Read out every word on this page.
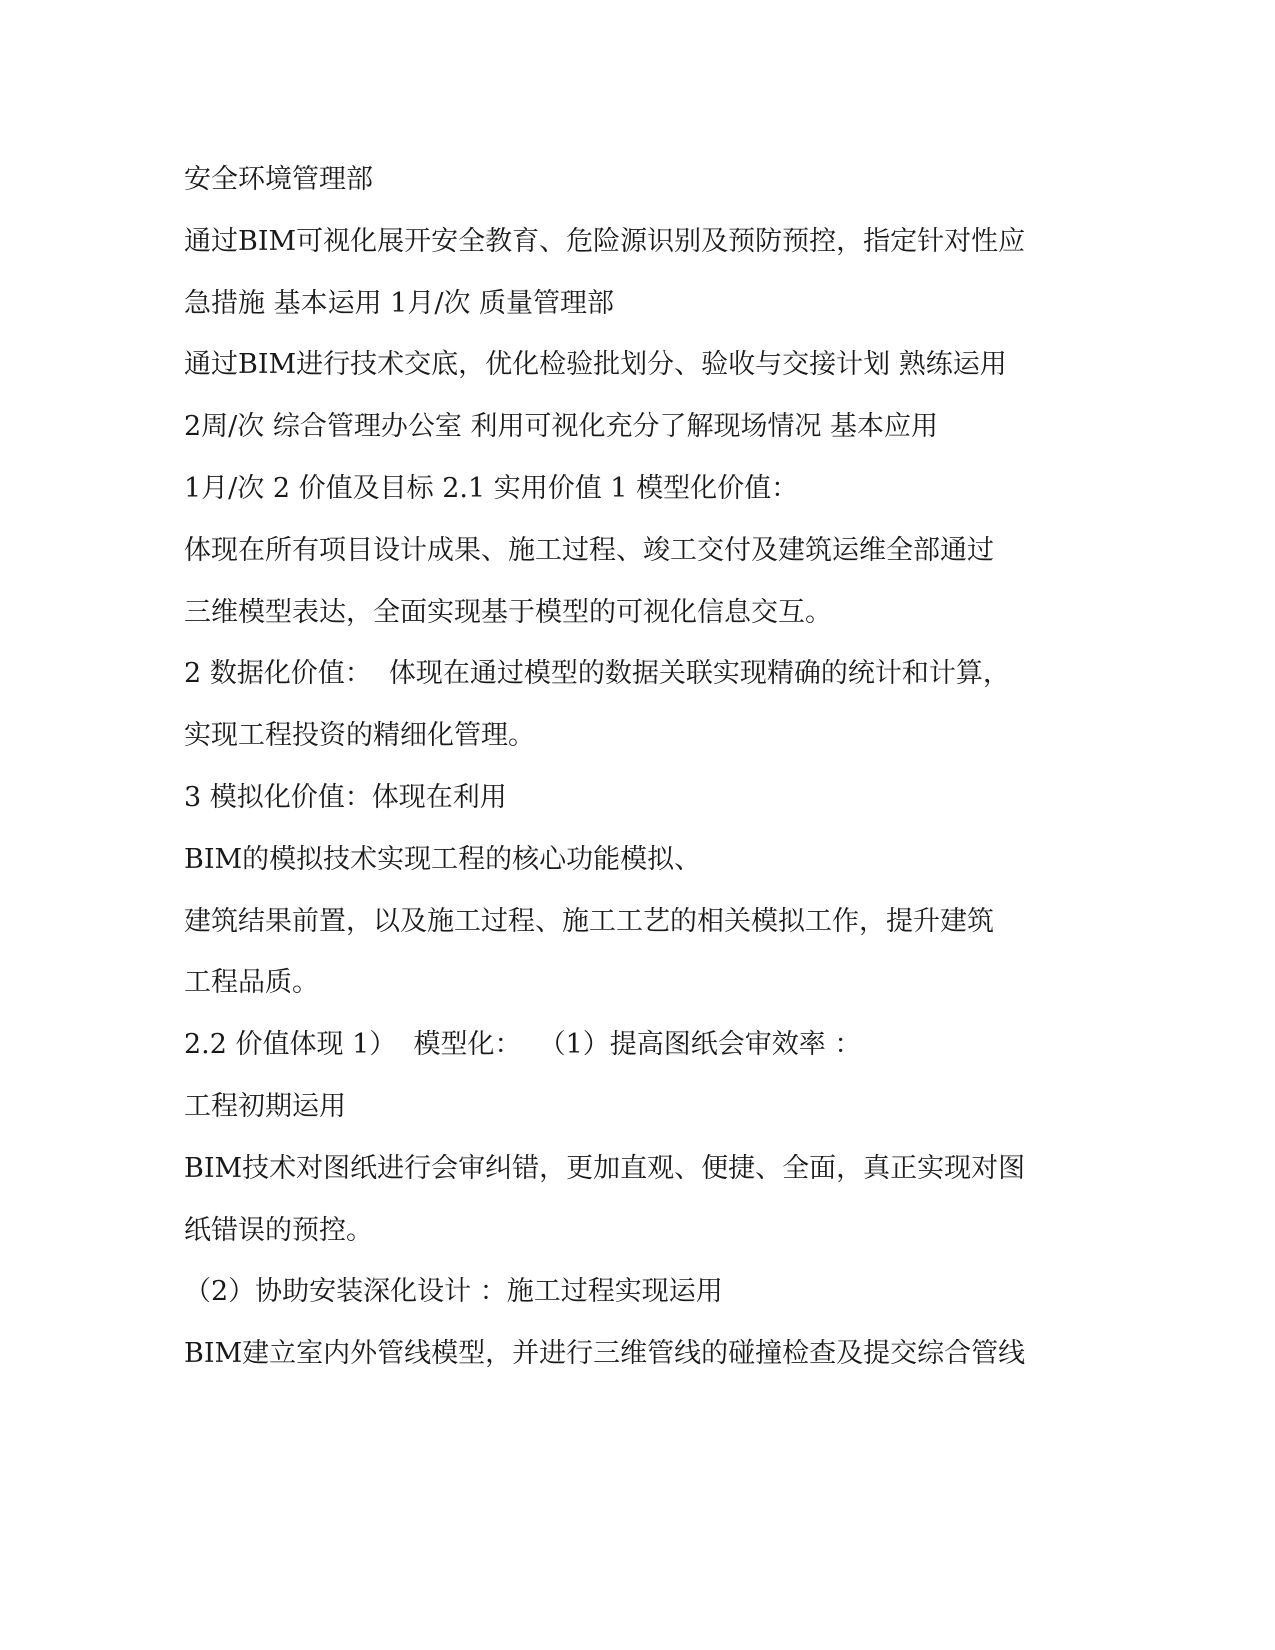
安全环境管理部
通过BIM可视化展开安全教育、危险源识别及预防预控，指定针对性应
急措施 基本运用 1月/次 质量管理部
通过BIM进行技术交底，优化检验批划分、验收与交接计划 熟练运用
2周/次 综合管理办公室 利用可视化充分了解现场情况 基本应用
1月/次 2 价值及目标 2.1 实用价值 1 模型化价值：
体现在所有项目设计成果、施工过程、竣工交付及建筑运维全部通过
三维模型表达，全面实现基于模型的可视化信息交互。
2 数据化价值：  体现在通过模型的数据关联实现精确的统计和计算，
实现工程投资的精细化管理。
3 模拟化价值：体现在利用
BIM的模拟技术实现工程的核心功能模拟、
建筑结果前置，以及施工过程、施工工艺的相关模拟工作，提升建筑
工程品质。
2.2 价值体现 1）  模型化：  （1）提高图纸会审效率 ：
工程初期运用
BIM技术对图纸进行会审纠错，更加直观、便捷、全面，真正实现对图
纸错误的预控。
（2）协助安装深化设计 ：施工过程实现运用
BIM建立室内外管线模型，并进行三维管线的碰撞检查及提交综合管线
